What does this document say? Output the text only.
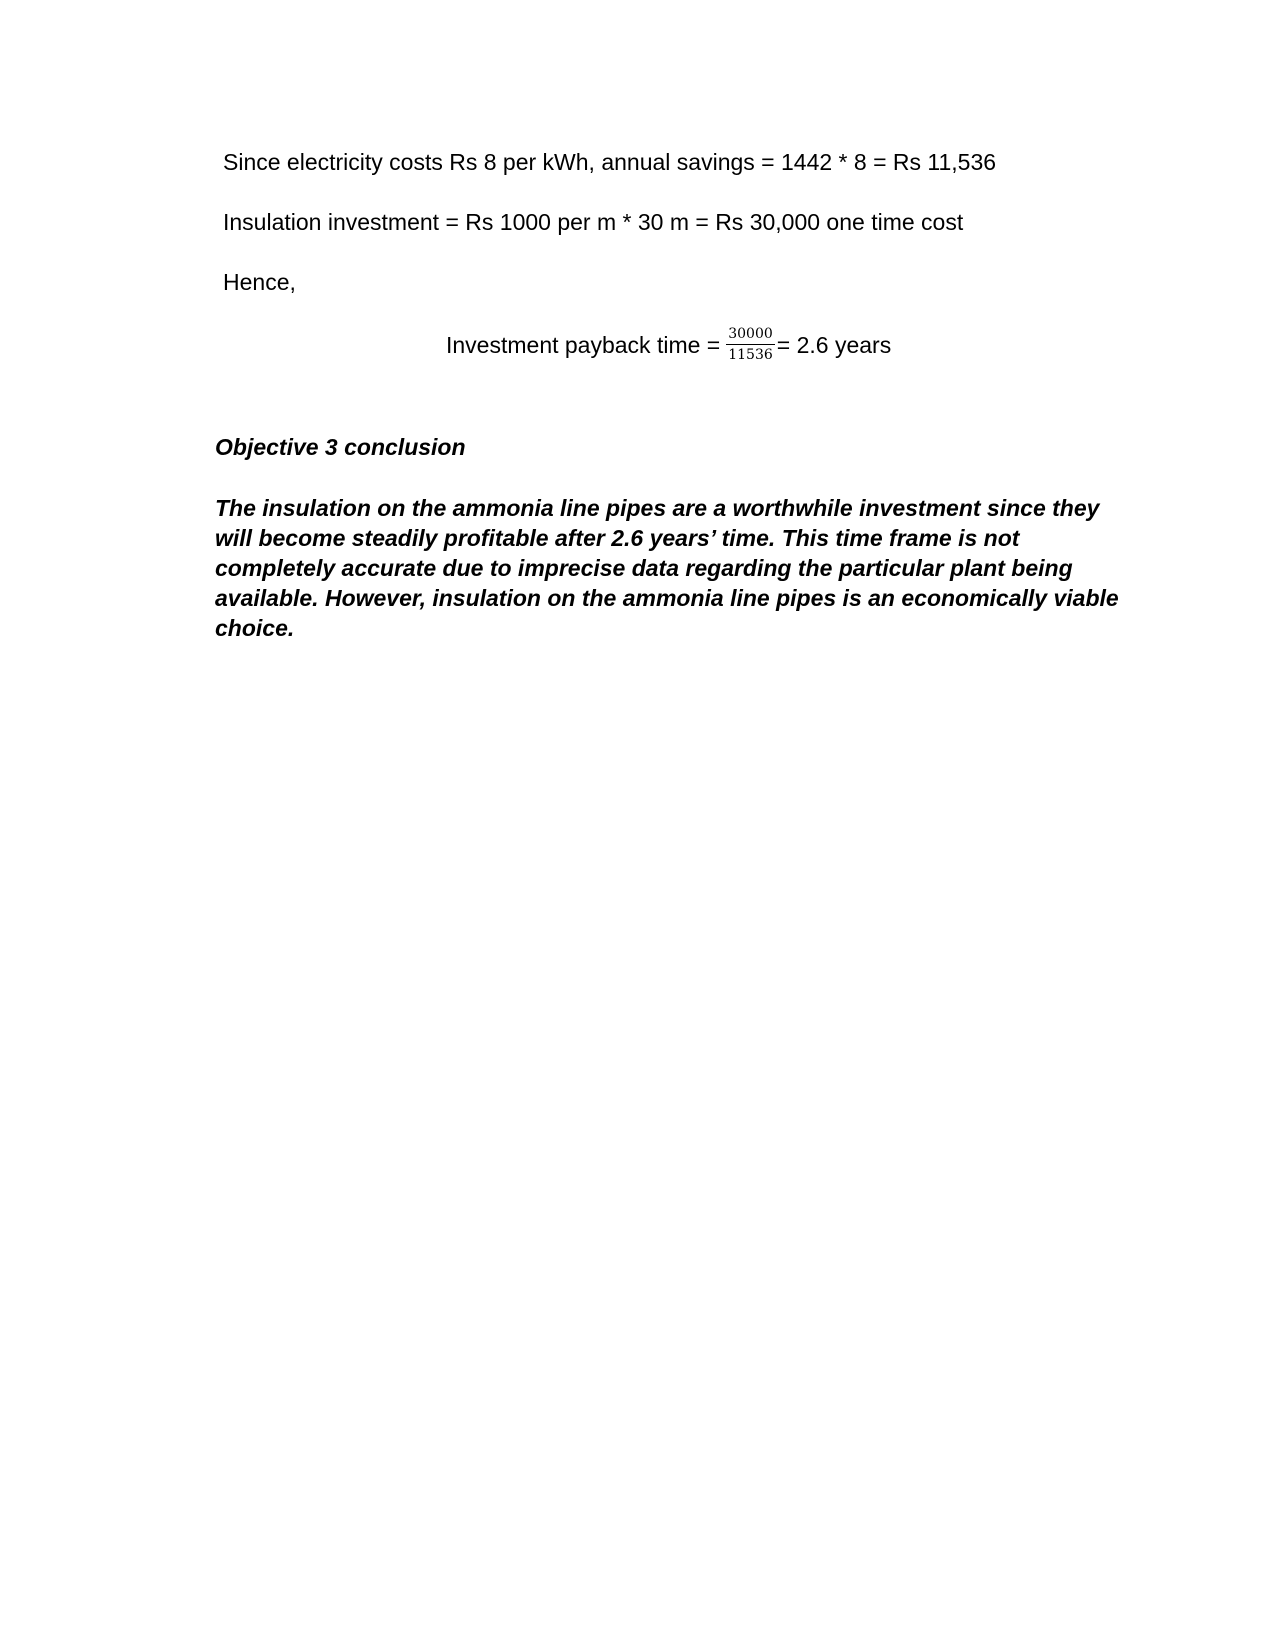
Since electricity costs Rs 8 per kWh, annual savings = 1442 * 8 = Rs 11,536
Insulation investment = Rs 1000 per m * 30 m = Rs 30,000 one time cost
Hence,
Investment payback time = $\frac{30000}{11536} = 2.6$ years
Objective 3 conclusion
The insulation on the ammonia line pipes are a worthwhile investment since they
will become steadily profitable after 2.6 years’ time. This time frame is not
completely accurate due to imprecise data regarding the particular plant being
available. However, insulation on the ammonia line pipes is an economically viable
choice.
